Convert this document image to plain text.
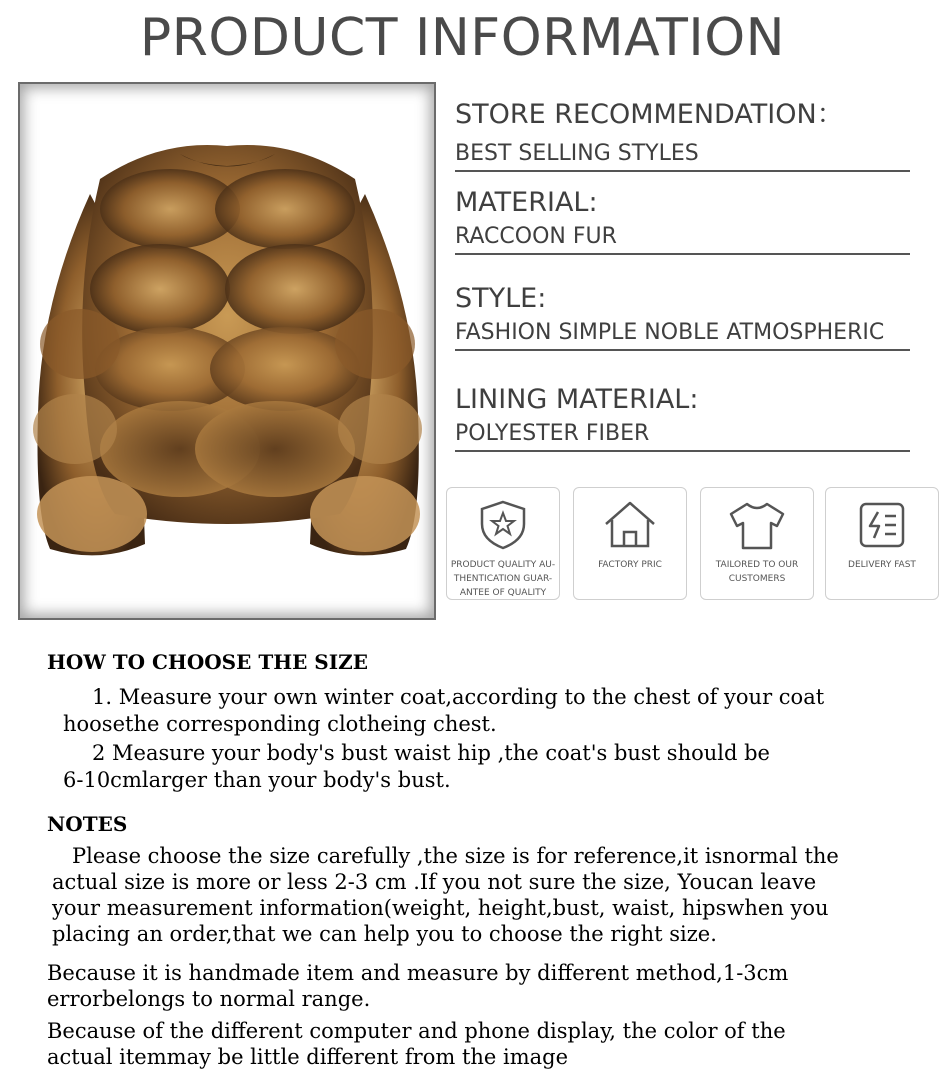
PRODUCT INFORMATION
STORE RECOMMENDATION：
BEST SELLING STYLES
MATERIAL:
RACCOON FUR
STYLE:
FASHION SIMPLE NOBLE ATMOSPHERIC
LINING MATERIAL:
POLYESTER FIBER
PRODUCT QUALITY AU-
THENTICATION GUAR-
ANTEE OF QUALITY
FACTORY PRIC	TAILORED TO OUR
CUSTOMERS
DELIVERY FAST
HOW TO CHOOSE THE SIZE
1. Measure your own winter coat,according to the chest of your coat
hoosethe corresponding clotheing chest.
2 Measure your body's bust waist hip ,the coat's bust should be
6-10cmlarger than your body's bust.
NOTES
Please choose the size carefully ,the size is for reference,it isnormal the
actual size is more or less 2-3 cm .If you not sure the size, Youcan leave
your measurement information(weight, height,bust, waist, hipswhen you
placing an order,that we can help you to choose the right size.
Because it is handmade item and measure by different method,1-3cm
errorbelongs to normal range.
Because of the different computer and phone display, the color of the
actual itemmay be little different from the image
